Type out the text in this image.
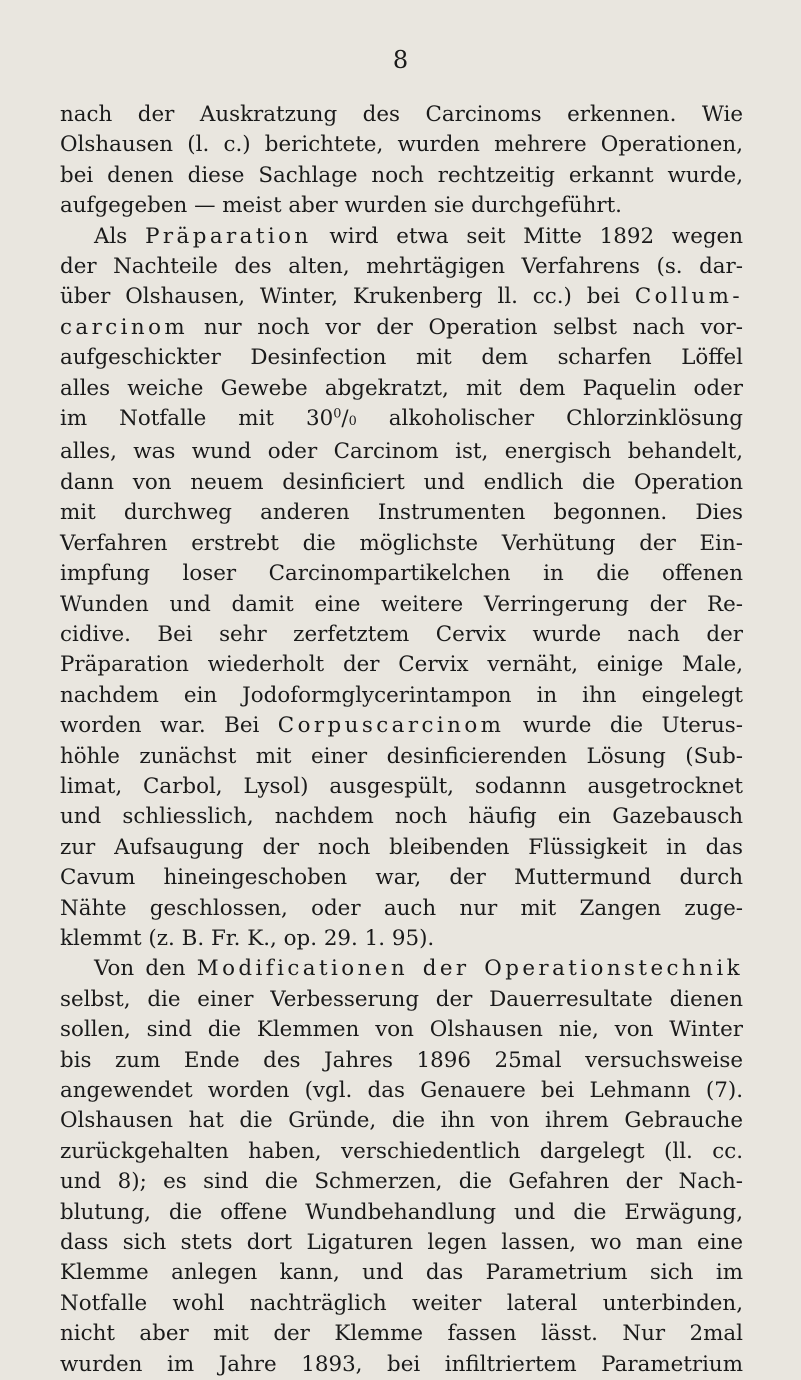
8
nach der Auskratzung des Carcinoms erkennen. Wie
Olshausen (l. c.) berichtete, wurden mehrere Operationen,
bei denen diese Sachlage noch rechtzeitig erkannt wurde,
aufgegeben — meist aber wurden sie durchgeführt.
Als Präparation wird etwa seit Mitte 1892 wegen
der Nachteile des alten, mehrtägigen Verfahrens (s. dar-
über Olshausen, Winter, Krukenberg ll. cc.) bei Collum-
carcinom nur noch vor der Operation selbst nach vor-
aufgeschickter Desinfection mit dem scharfen Löffel
alles weiche Gewebe abgekratzt, mit dem Paquelin oder
im Notfalle mit $30^0/0$ alkoholischer Chlorzinklösung
alles, was wund oder Carcinom ist, energisch behandelt,
dann von neuem desinficiert und endlich die Operation
mit durchweg anderen Instrumenten begonnen. Dies
Verfahren erstrebt die möglichste Verhütung der Ein-
impfung loser Carcinompartikelchen in die offenen
Wunden und damit eine weitere Verringerung der Re-
cidive. Bei sehr zerfetztem Cervix wurde nach der
Präparation wiederholt der Cervix vernäht, einige Male,
nachdem ein Jodoformglycerintampon in ihn eingelegt
worden war. Bei Corpuscarcinom wurde die Uterus-
höhle zunächst mit einer desinficierenden Lösung (Sub-
limat, Carbol, Lysol) ausgespült, sodannn ausgetrocknet
und schliesslich, nachdem noch häufig ein Gazebausch
zur Aufsaugung der noch bleibenden Flüssigkeit in das
Cavum hineingeschoben war, der Muttermund durch
Nähte geschlossen, oder auch nur mit Zangen zuge-
klemmt (z. B. Fr. K., op. 29. 1. 95).
Von den Modificationen der Operationstechnik
selbst, die einer Verbesserung der Dauerresultate dienen
sollen, sind die Klemmen von Olshausen nie, von Winter
bis zum Ende des Jahres 1896 25mal versuchsweise
angewendet worden (vgl. das Genauere bei Lehmann (7).
Olshausen hat die Gründe, die ihn von ihrem Gebrauche
zurückgehalten haben, verschiedentlich dargelegt (ll. cc.
und 8); es sind die Schmerzen, die Gefahren der Nach-
blutung, die offene Wundbehandlung und die Erwägung,
dass sich stets dort Ligaturen legen lassen, wo man eine
Klemme anlegen kann, und das Parametrium sich im
Notfalle wohl nachträglich weiter lateral unterbinden,
nicht aber mit der Klemme fassen lässt. Nur 2mal
wurden im Jahre 1893, bei infiltriertem Parametrium
